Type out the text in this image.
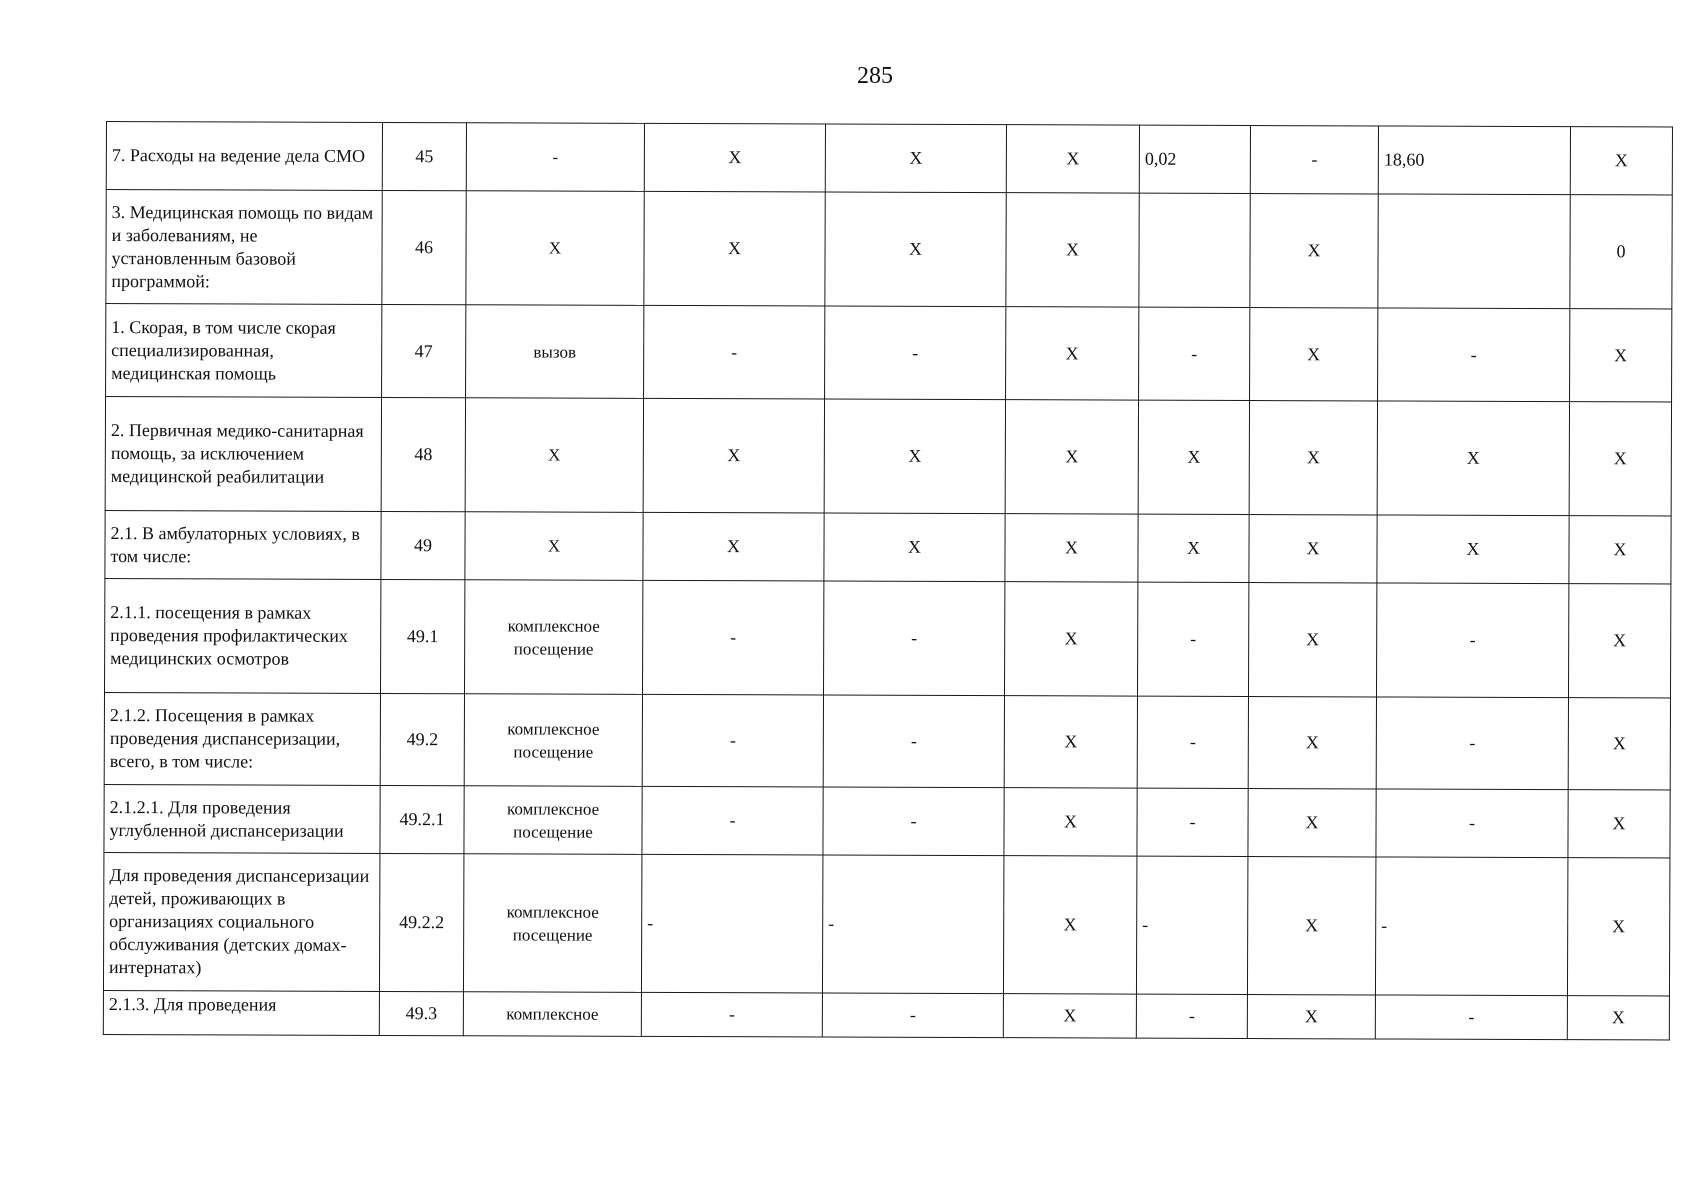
285
7. Расходы на ведение дела СМО	45	-	Х	Х	Х	0,02	-	18,60	Х
3. Медицинская помощь по видам и заболеваниям, не установленным базовой программой:	46	Х	Х	Х	Х		Х		0
1. Скорая, в том числе скорая специализированная, медицинская помощь	47	вызов	-	-	Х	-	Х	-	Х
2. Первичная медико-санитарная помощь, за исключением медицинской реабилитации	48	Х	Х	Х	Х	Х	Х	Х	Х
2.1. В амбулаторных условиях, в том числе:	49	Х	Х	Х	Х	Х	Х	Х	Х
2.1.1. посещения в рамках проведения профилактических медицинских осмотров	49.1	комплексное посещение	-	-	Х	-	Х	-	Х
2.1.2. Посещения в рамках проведения диспансеризации, всего, в том числе:	49.2	комплексное посещение	-	-	Х	-	Х	-	Х
2.1.2.1. Для проведения углубленной диспансеризации	49.2.1	комплексное посещение	-	-	Х	-	Х	-	Х
Для проведения диспансеризации детей, проживающих в организациях социального обслуживания (детских домах-интернатах)	49.2.2	комплексное посещение	-	-	Х	-	Х	-	Х
2.1.3. Для проведения	49.3	комплексное	-	-	Х	-	Х	-	Х
